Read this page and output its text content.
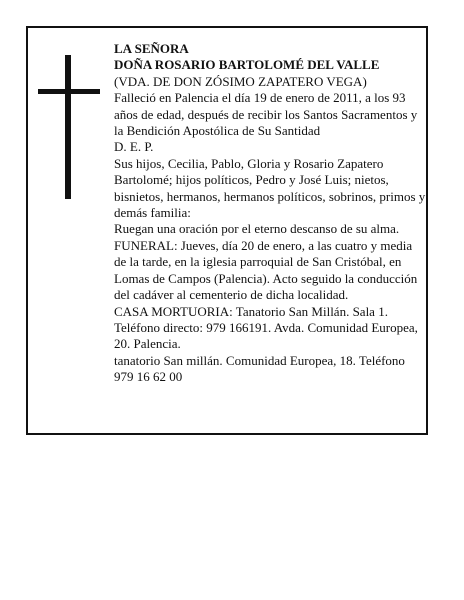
LA SEÑORA

DOÑA ROSARIO BARTOLOMÉ DEL VALLE

(VDA. DE DON ZÓSIMO ZAPATERO VEGA)

Falleció en Palencia el día 19 de enero de 2011, a los 93 años de edad, después de recibir los Santos Sacramentos y la Bendición Apostólica de Su Santidad

D. E. P.

Sus hijos, Cecilia, Pablo, Gloria y Rosario Zapatero Bartolomé; hijos políticos, Pedro y José Luis; nietos, bisnietos, hermanos, hermanos políticos, sobrinos, primos y demás familia:

Ruegan una oración por el eterno descanso de su alma.

FUNERAL: Jueves, día 20 de enero, a las cuatro y media de la tarde, en la iglesia parroquial de San Cristóbal, en Lomas de Campos (Palencia). Acto seguido la conducción del cadáver al cementerio de dicha localidad.

CASA MORTUORIA: Tanatorio San Millán. Sala 1. Teléfono directo: 979 166191. Avda. Comunidad Europea, 20. Palencia.

tanatorio San millán. Comunidad Europea, 18. Teléfono 979 16 62 00
